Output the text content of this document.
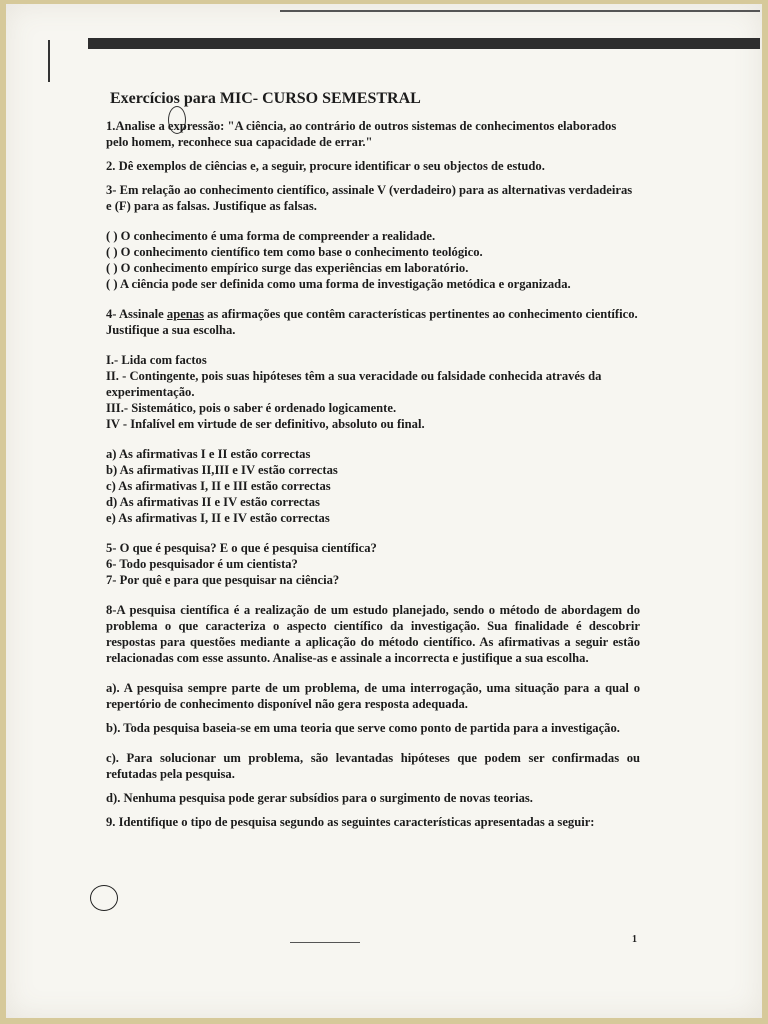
Exercícios para MIC- CURSO SEMESTRAL

1.Analise a expressão: "A ciência, ao contrário de outros sistemas de conhecimentos elaborados pelo homem, reconhece sua capacidade de errar."

2. Dê exemplos de ciências e, a seguir, procure identificar o seu objectos de estudo.

3- Em relação ao conhecimento científico, assinale V (verdadeiro) para as alternativas verdadeiras e (F) para as falsas. Justifique as falsas.

( ) O conhecimento é uma forma de compreender a realidade.

( ) O conhecimento científico tem como base o conhecimento teológico.

( ) O conhecimento empírico surge das experiências em laboratório.

( ) A ciência pode ser definida como uma forma de investigação metódica e organizada.

4- Assinale apenas as afirmações que contêm características pertinentes ao conhecimento científico. Justifique a sua escolha.

I.- Lida com factos

II. - Contingente, pois suas hipóteses têm a sua veracidade ou falsidade conhecida através da experimentação.

III.- Sistemático, pois o saber é ordenado logicamente.

IV - Infalível em virtude de ser definitivo, absoluto ou final.

a) As afirmativas I e II estão correctas

b) As afirmativas II,III e IV estão correctas

c) As afirmativas I, II e III estão correctas

d) As afirmativas II e IV estão correctas

e) As afirmativas I, II e IV estão correctas

5- O que é pesquisa? E o que é pesquisa científica?

6- Todo pesquisador é um cientista?

7- Por quê e para que pesquisar na ciência?

8-A pesquisa científica é a realização de um estudo planejado, sendo o método de abordagem do problema o que caracteriza o aspecto científico da investigação. Sua finalidade é descobrir respostas para questões mediante a aplicação do método científico. As afirmativas a seguir estão relacionadas com esse assunto. Analise-as e assinale a incorrecta e justifique a sua escolha.

a). A pesquisa sempre parte de um problema, de uma interrogação, uma situação para a qual o repertório de conhecimento disponível não gera resposta adequada.

b). Toda pesquisa baseia-se em uma teoria que serve como ponto de partida para a investigação.

c). Para solucionar um problema, são levantadas hipóteses que podem ser confirmadas ou refutadas pela pesquisa.

d). Nenhuma pesquisa pode gerar subsídios para o surgimento de novas teorias.

9. Identifique o tipo de pesquisa segundo as seguintes características apresentadas a seguir:

1
